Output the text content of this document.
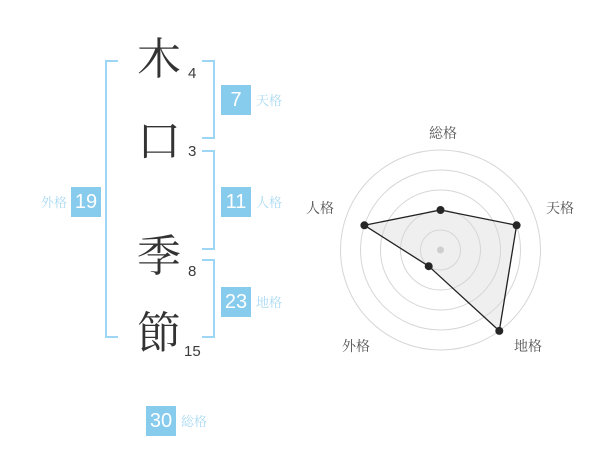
木
口
季
節
4
3
8
15
7	天格
11 人格
19
外格
23 地格
30 総格
総格
天格
地格
外格
人格
